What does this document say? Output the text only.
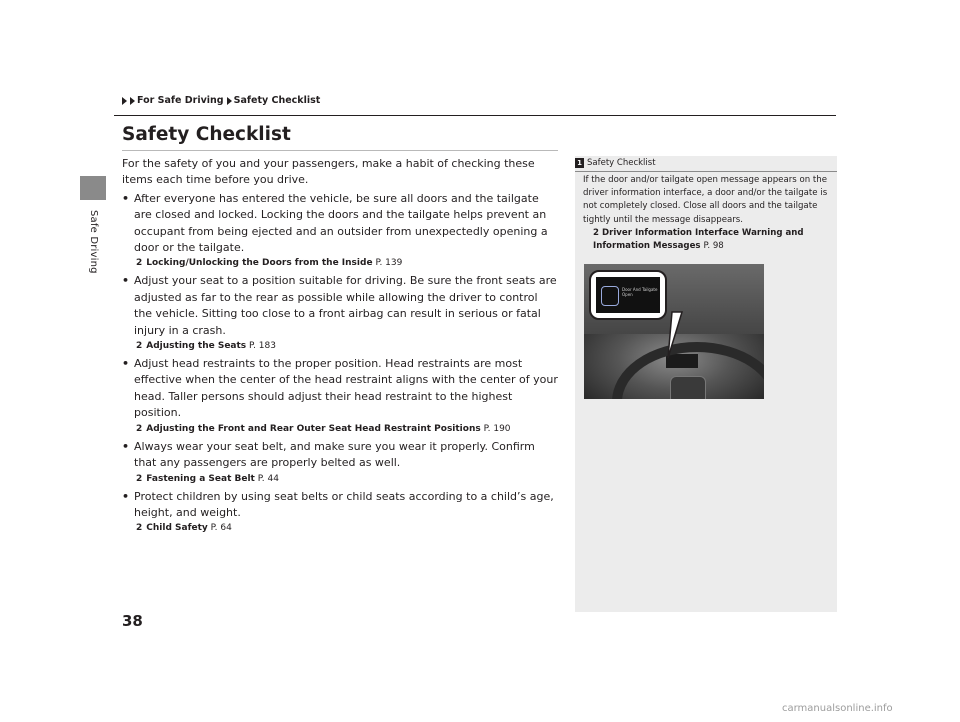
Safe Driving
For Safe Driving Safety Checklist
Safety Checklist

For the safety of you and your passengers, make a habit of checking these items each time before you drive.

• After everyone has entered the vehicle, be sure all doors and the tailgate are closed and locked. Locking the doors and the tailgate helps prevent an occupant from being ejected and an outsider from unexpectedly opening a door or the tailgate.
2 Locking/Unlocking the Doors from the Inside P. 139
• Adjust your seat to a position suitable for driving. Be sure the front seats are adjusted as far to the rear as possible while allowing the driver to control the vehicle. Sitting too close to a front airbag can result in serious or fatal injury in a crash.
2 Adjusting the Seats P. 183
• Adjust head restraints to the proper position. Head restraints are most effective when the center of the head restraint aligns with the center of your head. Taller persons should adjust their head restraint to the highest position.
2 Adjusting the Front and Rear Outer Seat Head Restraint Positions P. 190
• Always wear your seat belt, and make sure you wear it properly. Confirm that any passengers are properly belted as well.
2 Fastening a Seat Belt P. 44
• Protect children by using seat belts or child seats according to a child’s age, height, and weight.
2 Child Safety P. 64
1 Safety Checklist
If the door and/or tailgate open message appears on the driver information interface, a door and/or the tailgate is not completely closed. Close all doors and the tailgate tightly until the message disappears.
2 Driver Information Interface Warning and Information Messages P. 98
Door And Tailgate Open
38
carmanualsonline.info
